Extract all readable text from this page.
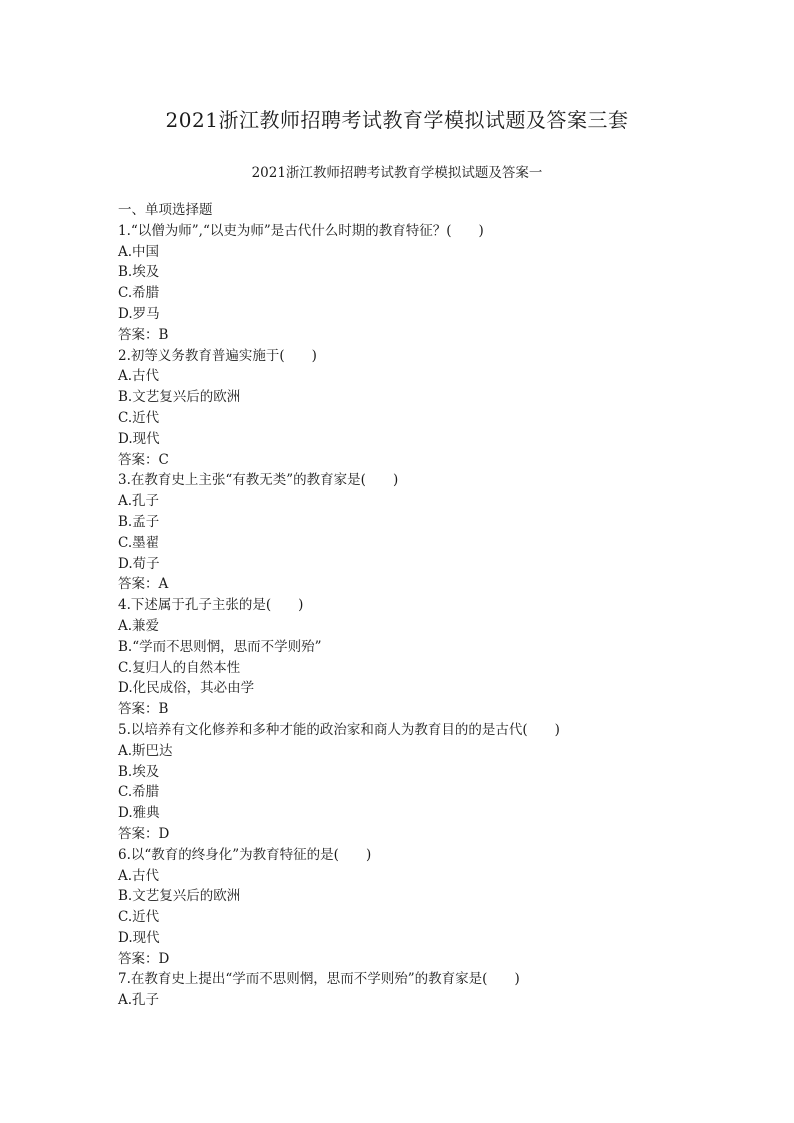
2021浙江教师招聘考试教育学模拟试题及答案三套
2021浙江教师招聘考试教育学模拟试题及答案一
一、单项选择题
1.“以僧为师”,“以吏为师”是古代什么时期的教育特征？(　　)
A.中国
B.埃及
C.希腊
D.罗马
答案：B
2.初等义务教育普遍实施于(　　)
A.古代
B.文艺复兴后的欧洲
C.近代
D.现代
答案：C
3.在教育史上主张“有教无类”的教育家是(　　)
A.孔子
B.孟子
C.墨翟
D.荀子
答案：A
4.下述属于孔子主张的是(　　)
A.兼爱
B.“学而不思则惘，思而不学则殆”
C.复归人的自然本性
D.化民成俗，其必由学
答案：B
5.以培养有文化修养和多种才能的政治家和商人为教育目的的是古代(　　)
A.斯巴达
B.埃及
C.希腊
D.雅典
答案：D
6.以“教育的终身化”为教育特征的是(　　)
A.古代
B.文艺复兴后的欧洲
C.近代
D.现代
答案：D
7.在教育史上提出“学而不思则惘，思而不学则殆”的教育家是(　　)
A.孔子
